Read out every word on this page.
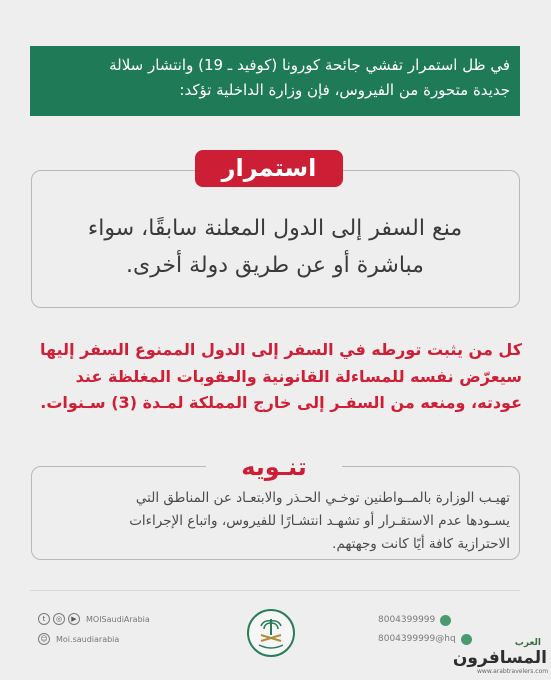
في ظل استمرار تفشي جائحة كورونا (كوفيد ـ 19) وانتشار سلالة
جديدة متحورة من الفيروس، فإن وزارة الداخلية تؤكد:
استمرار
منع السفر إلى الدول المعلنة سابقًا، سواء
مباشرة أو عن طريق دولة أخرى.
كل من يثبت تورطه في السفر إلى الدول الممنوع السفر إليها
سيعرّض نفسه للمساءلة القانونية والعقوبات المغلظة عند
عودته، ومنعه من السفـر إلى خارج المملكة لمـدة (3) سـنوات.
تنـويه
تهيـب الوزارة بالمــواطنين توخـي الحـذر والابتعـاد عن المناطق التي
يسـودها عدم الاستقـرار أو تشهـد انتشـارًا للفيروس، واتباع الإجراءات
الاحترازية كافة أيًا كانت وجهتهم.
t	◎	▶	MOISaudiArabia
☺ Moi.saudiarabia
8004399999
8004399999@hq	العرب
المسافرون
www.arabtravelers.com
